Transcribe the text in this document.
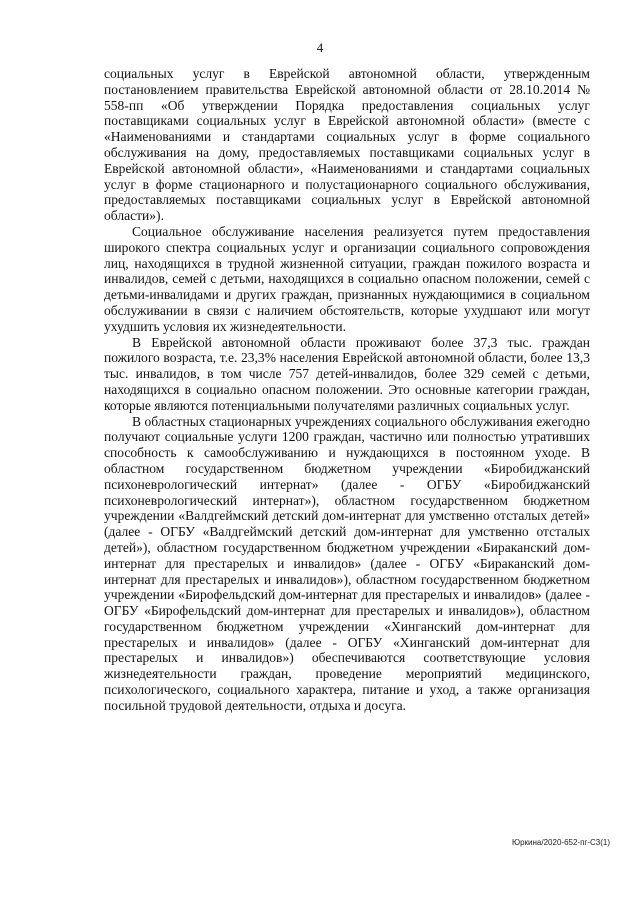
4

социальных услуг в Еврейской автономной области, утвержденным постановлением правительства Еврейской автономной области от 28.10.2014 № 558-пп «Об утверждении Порядка предоставления социальных услуг поставщиками социальных услуг в Еврейской автономной области» (вместе с «Наименованиями и стандартами социальных услуг в форме социального обслуживания на дому, предоставляемых поставщиками социальных услуг в Еврейской автономной области», «Наименованиями и стандартами социальных услуг в форме стационарного и полустационарного социального обслуживания, предоставляемых поставщиками социальных услуг в Еврейской автономной области»).

Социальное обслуживание населения реализуется путем предоставления широкого спектра социальных услуг и организации социального сопровождения лиц, находящихся в трудной жизненной ситуации, граждан пожилого возраста и инвалидов, семей с детьми, находящихся в социально опасном положении, семей с детьми-инвалидами и других граждан, признанных нуждающимися в социальном обслуживании в связи с наличием обстоятельств, которые ухудшают или могут ухудшить условия их жизнедеятельности.

В Еврейской автономной области проживают более 37,3 тыс. граждан пожилого возраста, т.е. 23,3% населения Еврейской автономной области, более 13,3 тыс. инвалидов, в том числе 757 детей-инвалидов, более 329 семей с детьми, находящихся в социально опасном положении. Это основные категории граждан, которые являются потенциальными получателями различных социальных услуг.

В областных стационарных учреждениях социального обслуживания ежегодно получают социальные услуги 1200 граждан, частично или полностью утративших способность к самообслуживанию и нуждающихся в постоянном уходе. В областном государственном бюджетном учреждении «Биробиджанский психоневрологический интернат» (далее - ОГБУ «Биробиджанский психоневрологический интернат»), областном государственном бюджетном учреждении «Валдгеймский детский дом-интернат для умственно отсталых детей» (далее - ОГБУ «Валдгеймский детский дом-интернат для умственно отсталых детей»), областном государственном бюджетном учреждении «Бираканский дом-интернат для престарелых и инвалидов» (далее - ОГБУ «Бираканский дом-интернат для престарелых и инвалидов»), областном государственном бюджетном учреждении «Бирофельдский дом-интернат для престарелых и инвалидов» (далее - ОГБУ «Бирофельдский дом-интернат для престарелых и инвалидов»), областном государственном бюджетном учреждении «Хинганский дом-интернат для престарелых и инвалидов» (далее - ОГБУ «Хинганский дом-интернат для престарелых и инвалидов») обеспечиваются соответствующие условия жизнедеятельности граждан, проведение мероприятий медицинского, психологического, социального характера, питание и уход, а также организация посильной трудовой деятельности, отдыха и досуга.

Юркина/2020-652-пг-С3(1)
